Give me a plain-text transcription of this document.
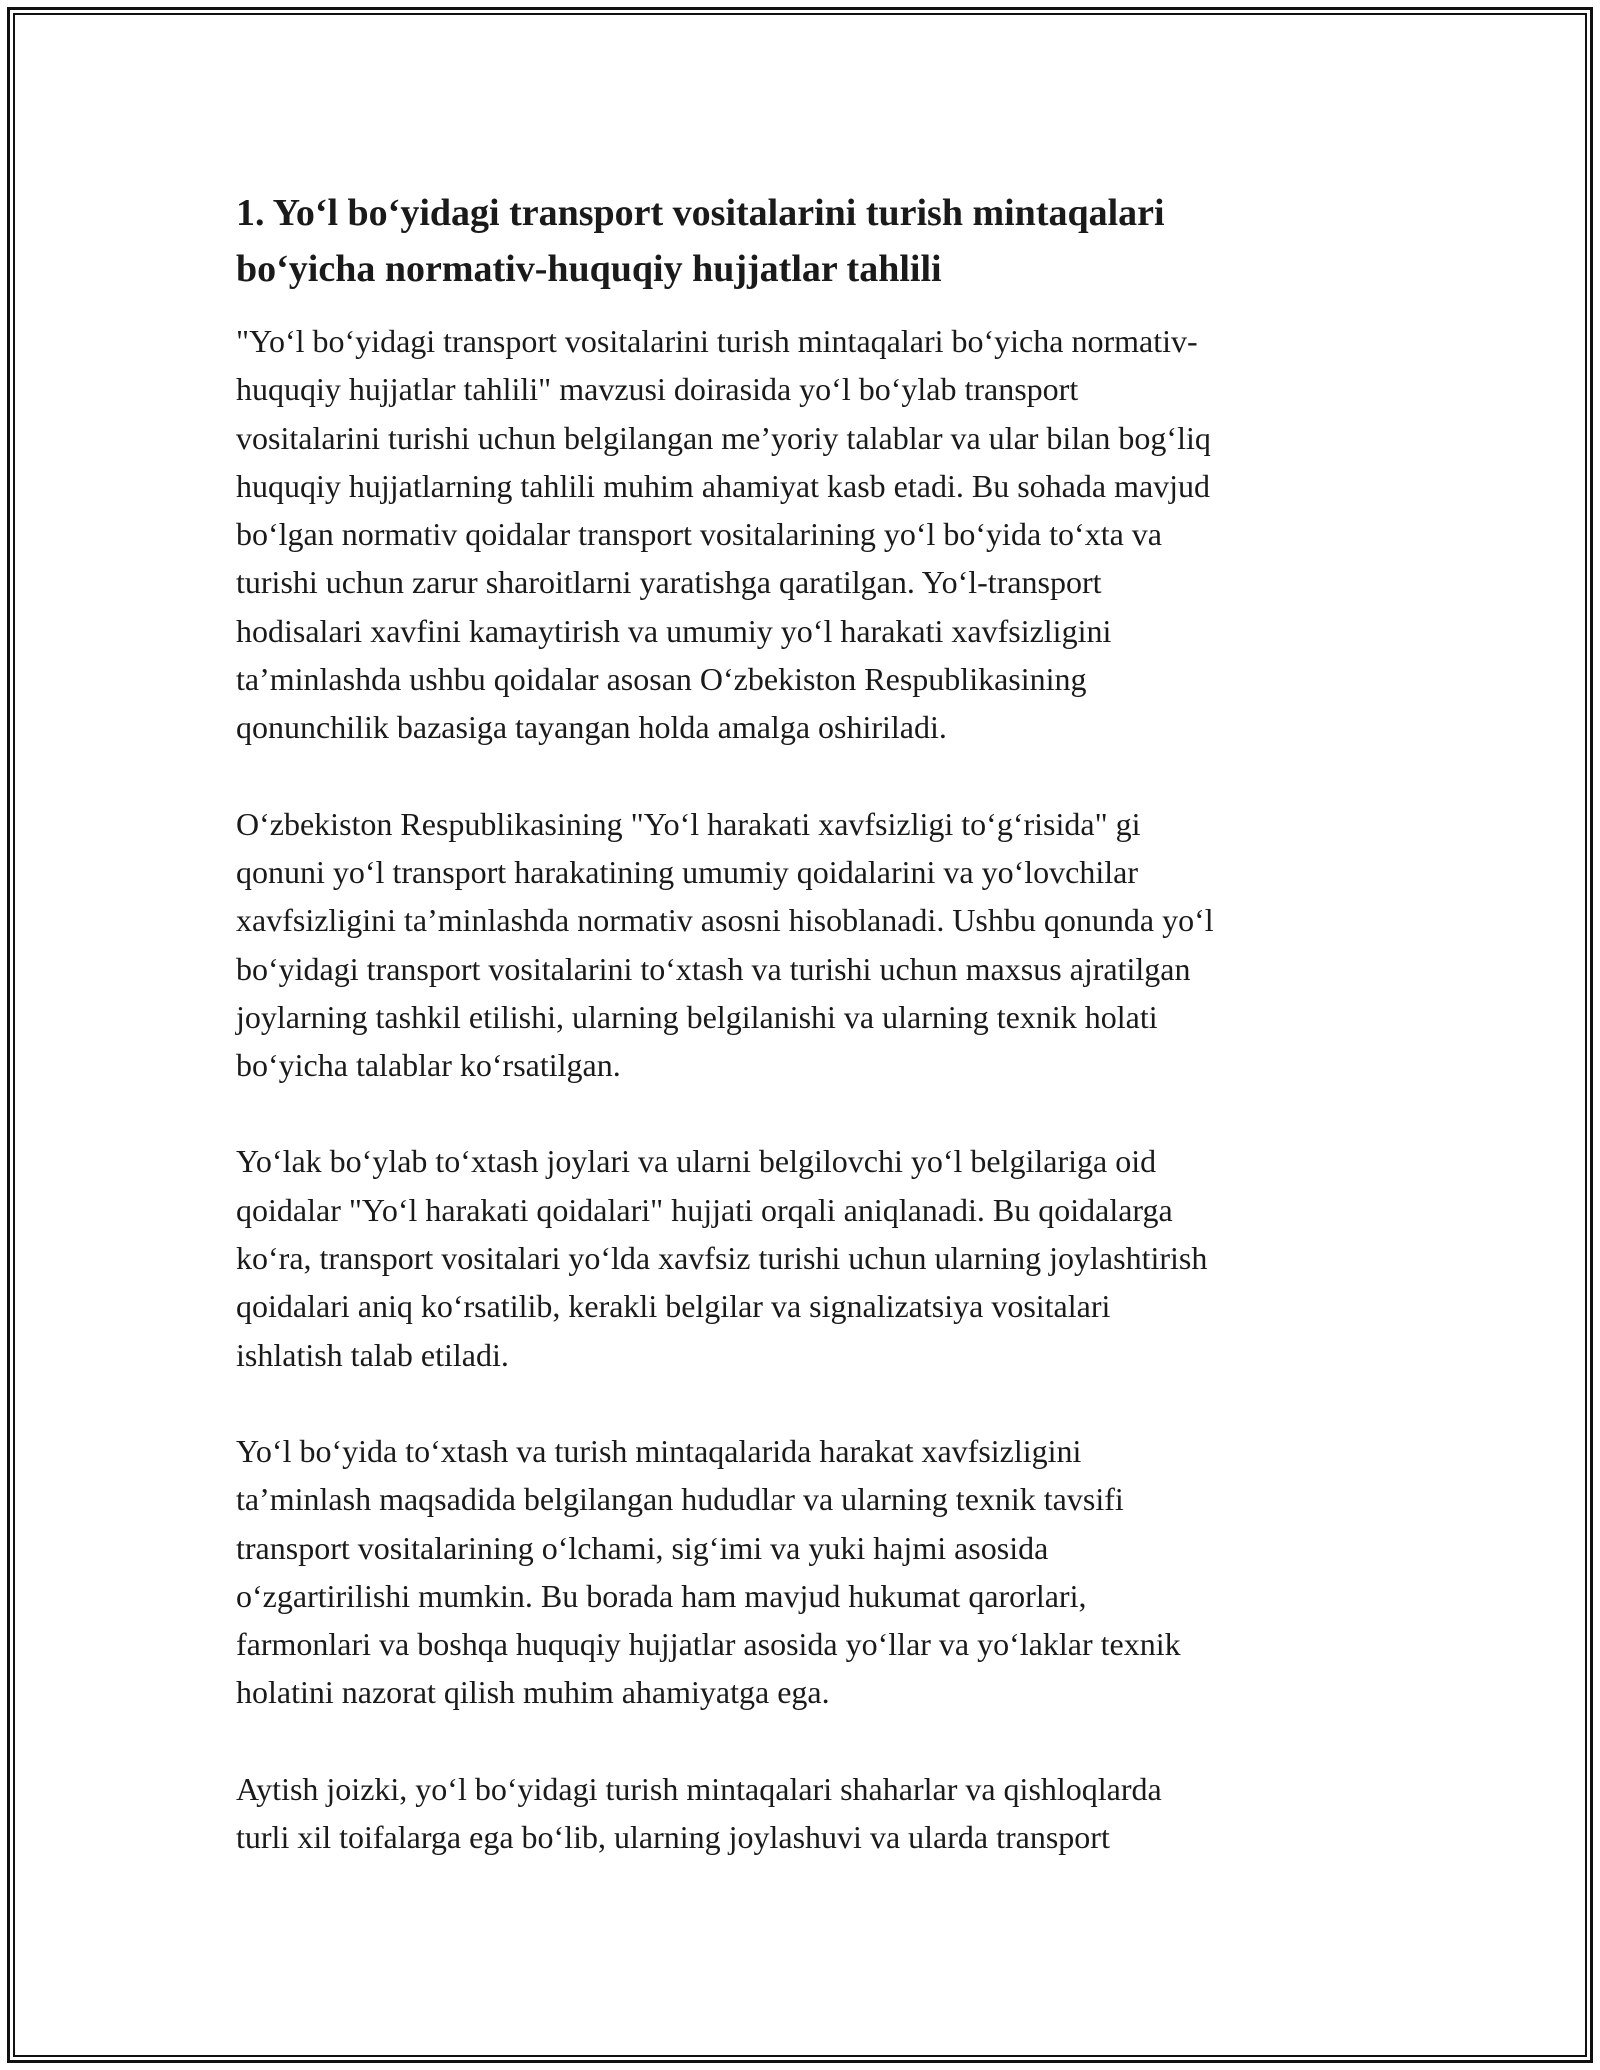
1. Yo‘l bo‘yidagi transport vositalarini turish mintaqalari
bo‘yicha normativ-huquqiy hujjatlar tahlili

"Yo‘l bo‘yidagi transport vositalarini turish mintaqalari bo‘yicha normativ-
huquqiy hujjatlar tahlili" mavzusi doirasida yo‘l bo‘ylab transport
vositalarini turishi uchun belgilangan me’yoriy talablar va ular bilan bog‘liq
huquqiy hujjatlarning tahlili muhim ahamiyat kasb etadi. Bu sohada mavjud
bo‘lgan normativ qoidalar transport vositalarining yo‘l bo‘yida to‘xta va
turishi uchun zarur sharoitlarni yaratishga qaratilgan. Yo‘l-transport
hodisalari xavfini kamaytirish va umumiy yo‘l harakati xavfsizligini
ta’minlashda ushbu qoidalar asosan O‘zbekiston Respublikasining
qonunchilik bazasiga tayangan holda amalga oshiriladi.

O‘zbekiston Respublikasining "Yo‘l harakati xavfsizligi to‘g‘risida" gi
qonuni yo‘l transport harakatining umumiy qoidalarini va yo‘lovchilar
xavfsizligini ta’minlashda normativ asosni hisoblanadi. Ushbu qonunda yo‘l
bo‘yidagi transport vositalarini to‘xtash va turishi uchun maxsus ajratilgan
joylarning tashkil etilishi, ularning belgilanishi va ularning texnik holati
bo‘yicha talablar ko‘rsatilgan.

Yo‘lak bo‘ylab to‘xtash joylari va ularni belgilovchi yo‘l belgilariga oid
qoidalar "Yo‘l harakati qoidalari" hujjati orqali aniqlanadi. Bu qoidalarga
ko‘ra, transport vositalari yo‘lda xavfsiz turishi uchun ularning joylashtirish
qoidalari aniq ko‘rsatilib, kerakli belgilar va signalizatsiya vositalari
ishlatish talab etiladi.

Yo‘l bo‘yida to‘xtash va turish mintaqalarida harakat xavfsizligini
ta’minlash maqsadida belgilangan hududlar va ularning texnik tavsifi
transport vositalarining o‘lchami, sig‘imi va yuki hajmi asosida
o‘zgartirilishi mumkin. Bu borada ham mavjud hukumat qarorlari,
farmonlari va boshqa huquqiy hujjatlar asosida yo‘llar va yo‘laklar texnik
holatini nazorat qilish muhim ahamiyatga ega.

Aytish joizki, yo‘l bo‘yidagi turish mintaqalari shaharlar va qishloqlarda
turli xil toifalarga ega bo‘lib, ularning joylashuvi va ularda transport
